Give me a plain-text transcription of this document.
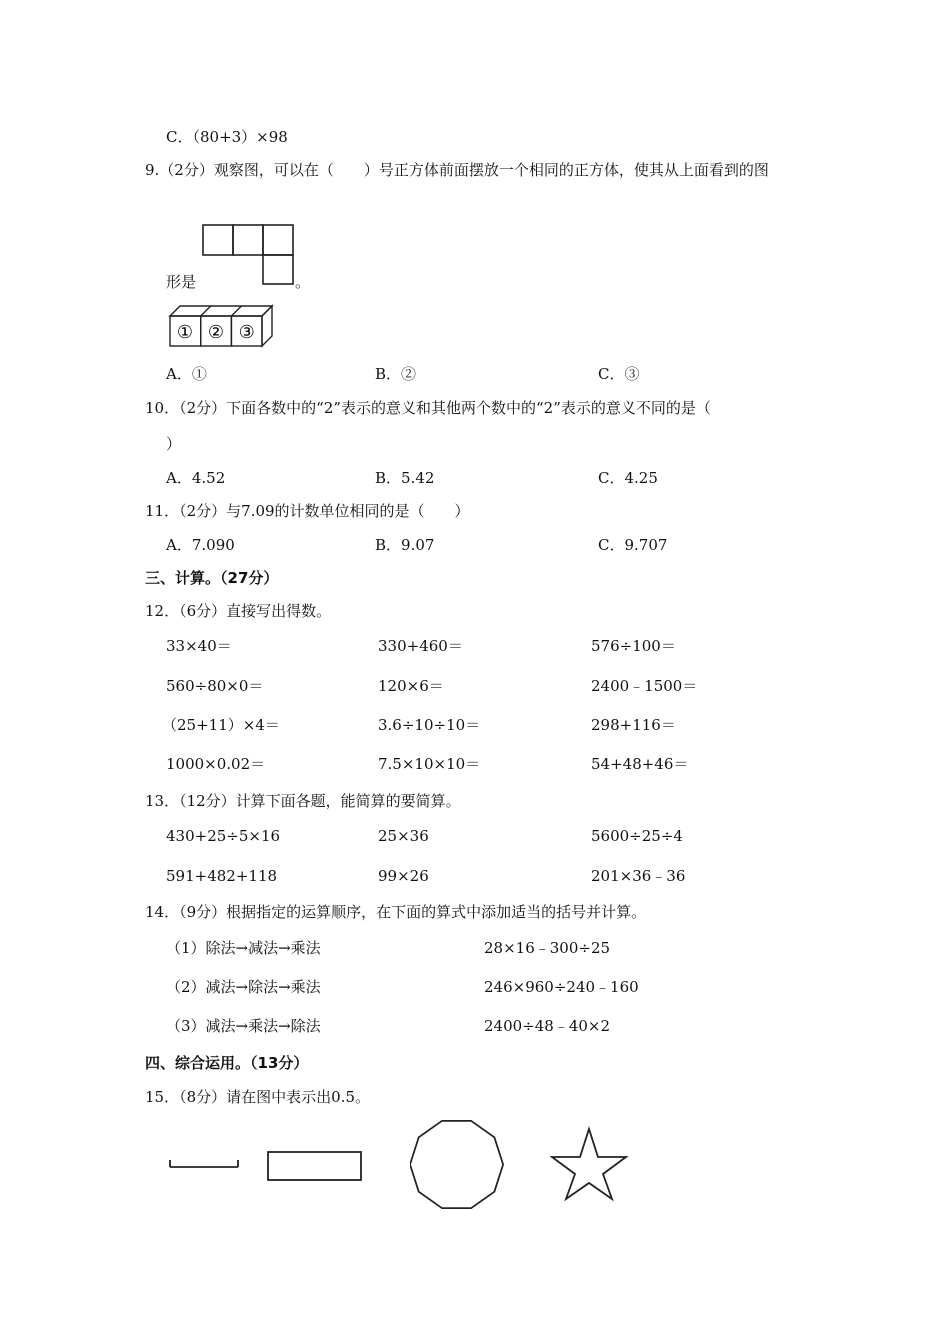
C．（80+3）×98
9.（2分）观察图，可以在（　　）号正方体前面摆放一个相同的正方体，使其从上面看到的图
形是	。
① ② ③
A．①	B．②	C．③
10．（2分）下面各数中的“2”表示的意义和其他两个数中的“2”表示的意义不同的是（
）
A．4.52	B．5.42	C．4.25
11．（2分）与7.09的计数单位相同的是（　　）
A．7.090	B．9.07	C．9.707
三、计算。（27分）
12．（6分）直接写出得数。
33×40＝	330+460＝	576÷100＝
560÷80×0＝	120×6＝	2400﹣1500＝
（25+11）×4＝	3.6÷10÷10＝	298+116＝
1000×0.02＝	7.5×10×10＝	54+48+46＝
13．（12分）计算下面各题，能简算的要简算。
430+25÷5×16	25×36	5600÷25÷4
591+482+118	99×26	201×36﹣36
14．（9分）根据指定的运算顺序，在下面的算式中添加适当的括号并计算。
（1）除法→减法→乘法	28×16﹣300÷25
（2）减法→除法→乘法	246×960÷240﹣160
（3）减法→乘法→除法	2400÷48﹣40×2
四、综合运用。（13分）
15．（8分）请在图中表示出0.5。
